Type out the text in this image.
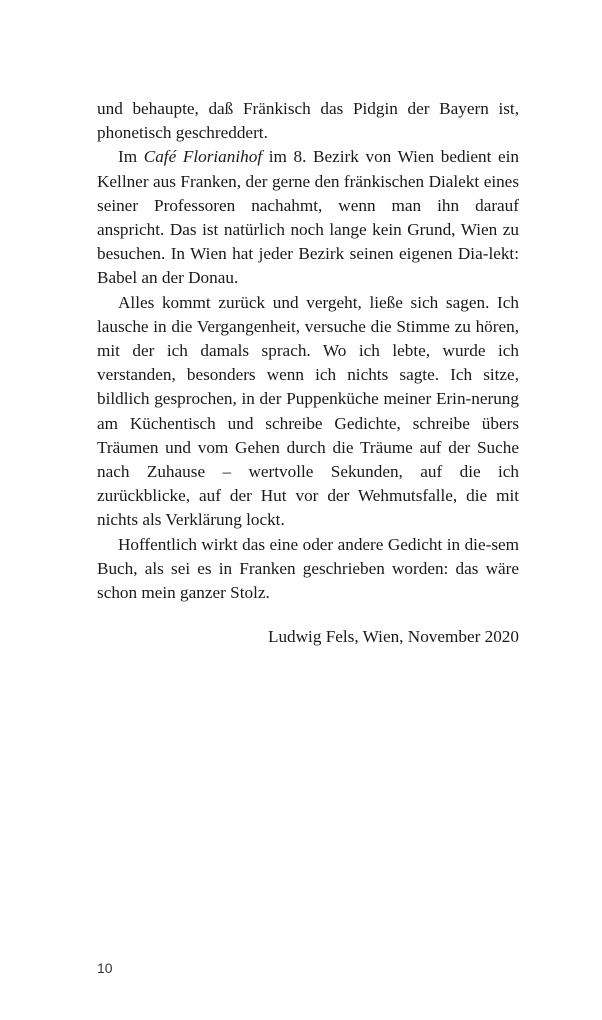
und behaupte, daß Fränkisch das Pidgin der Bayern ist, phonetisch geschreddert.

Im Café Florianihof im 8. Bezirk von Wien bedient ein Kellner aus Franken, der gerne den fränkischen Dialekt eines seiner Professoren nachahmt, wenn man ihn darauf anspricht. Das ist natürlich noch lange kein Grund, Wien zu besuchen. In Wien hat jeder Bezirk seinen eigenen Dia-lekt: Babel an der Donau.

Alles kommt zurück und vergeht, ließe sich sagen. Ich lausche in die Vergangenheit, versuche die Stimme zu hören, mit der ich damals sprach. Wo ich lebte, wurde ich verstanden, besonders wenn ich nichts sagte. Ich sitze, bildlich gesprochen, in der Puppenküche meiner Erin-nerung am Küchentisch und schreibe Gedichte, schreibe übers Träumen und vom Gehen durch die Träume auf der Suche nach Zuhause – wertvolle Sekunden, auf die ich zurückblicke, auf der Hut vor der Wehmutsfalle, die mit nichts als Verklärung lockt.

Hoffentlich wirkt das eine oder andere Gedicht in die-sem Buch, als sei es in Franken geschrieben worden: das wäre schon mein ganzer Stolz.

Ludwig Fels, Wien, November 2020
10
